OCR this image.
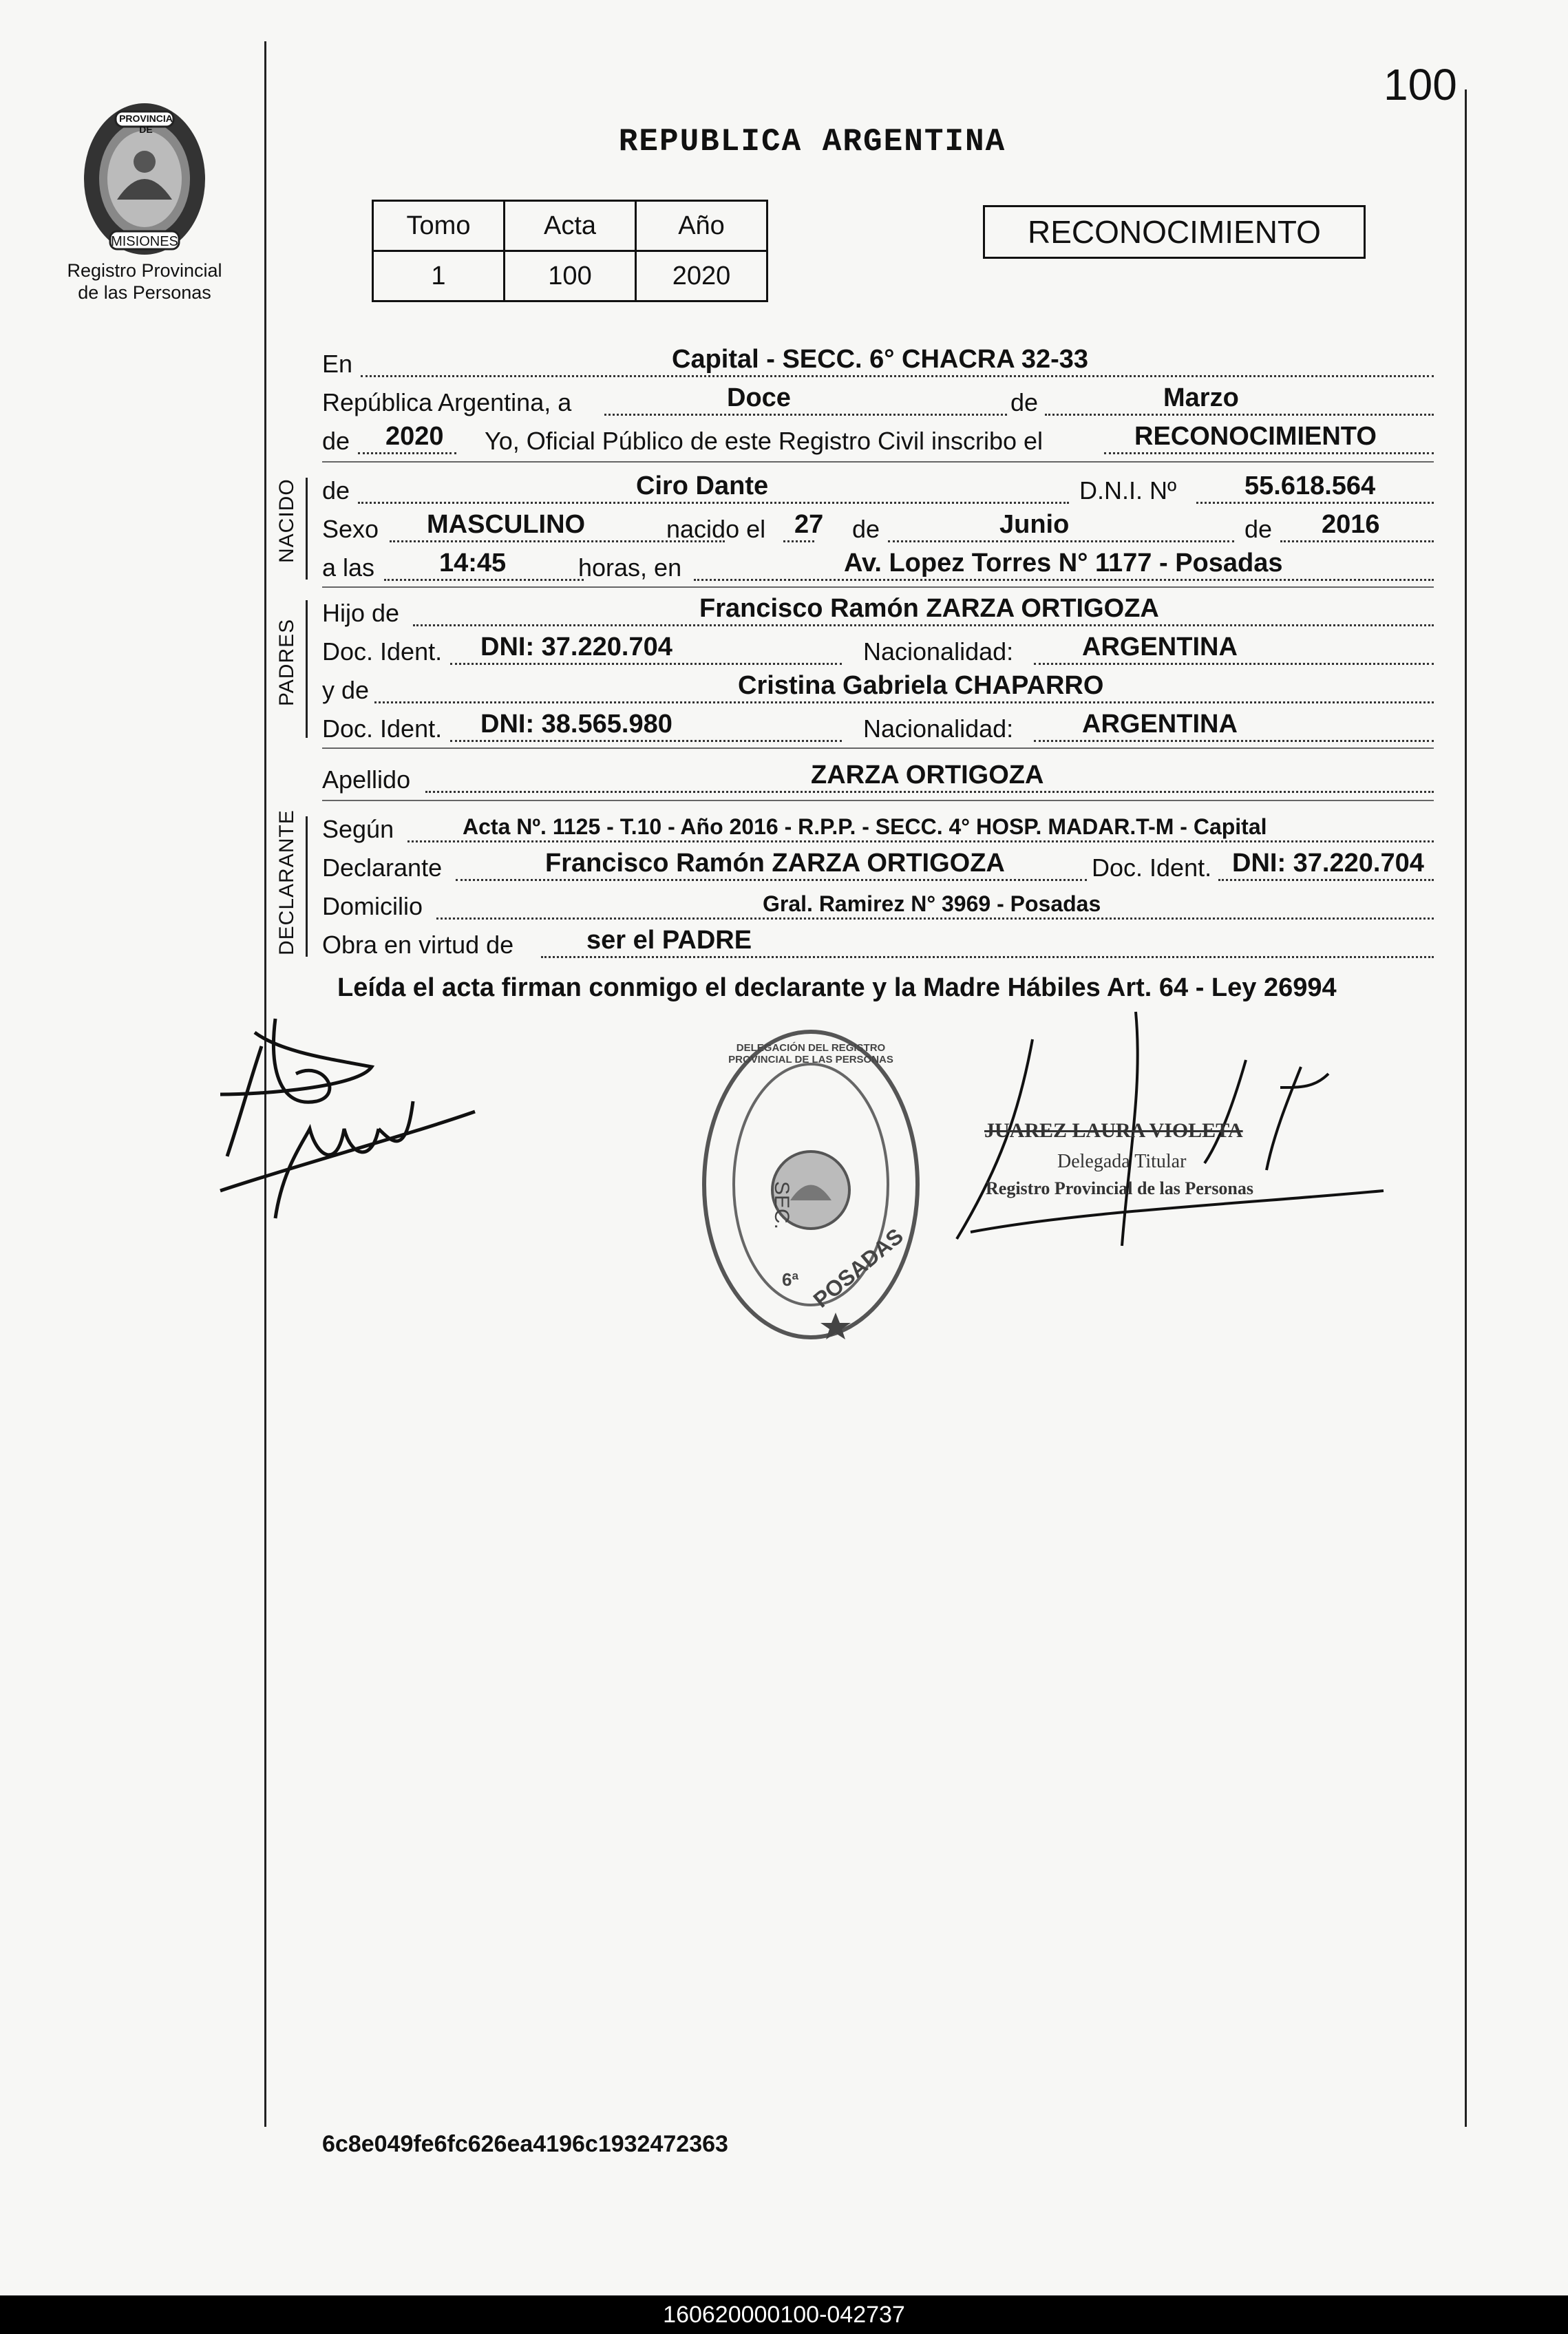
100
PROVINCIA DE
MISIONES
Registro Provincial
de las Personas
REPUBLICA ARGENTINA
Tomo	Acta	Año
1	100	2020
RECONOCIMIENTO
En	Capital - SECC. 6° CHACRA 32-33
República Argentina, a	Doce	de	Marzo
de 2020 Yo, Oficial Público de este Registro Civil inscribo el	RECONOCIMIENTO
NACIDO de	Ciro Dante	D.N.I. Nº	55.618.564
Sexo MASCULINO	nacido el 27 de	Junio	de 2016
a las 14:45	horas, en	Av. Lopez Torres N° 1177 - Posadas
PADRES
Hijo de	Francisco Ramón ZARZA ORTIGOZA
Doc. Ident. DNI: 37.220.704	Nacionalidad:	ARGENTINA
y de	Cristina Gabriela CHAPARRO
Doc. Ident. DNI: 38.565.980	Nacionalidad:	ARGENTINA
Apellido	ZARZA ORTIGOZA
DECLARANTE Según	Acta Nº. 1125 - T.10 - Año 2016 - R.P.P. - SECC. 4° HOSP. MADAR.T-M - Capital
Declarante	Francisco Ramón ZARZA ORTIGOZA	Doc. Ident. DNI: 37.220.704
Domicilio	Gral. Ramirez N° 3969 - Posadas
Obra en virtud de	ser el PADRE
Leída el acta firman conmigo el declarante y la Madre Hábiles Art. 64 - Ley 26994
DELEGACIÓN DEL REGISTRO PROVINCIAL DE LAS PERSONAS
SEC.
6ª POSADAS
JUAREZ LAURA VIOLETA
Delegada Titular
Registro Provincial de las Personas
6c8e049fe6fc626ea4196c1932472363
160620000100-042737
